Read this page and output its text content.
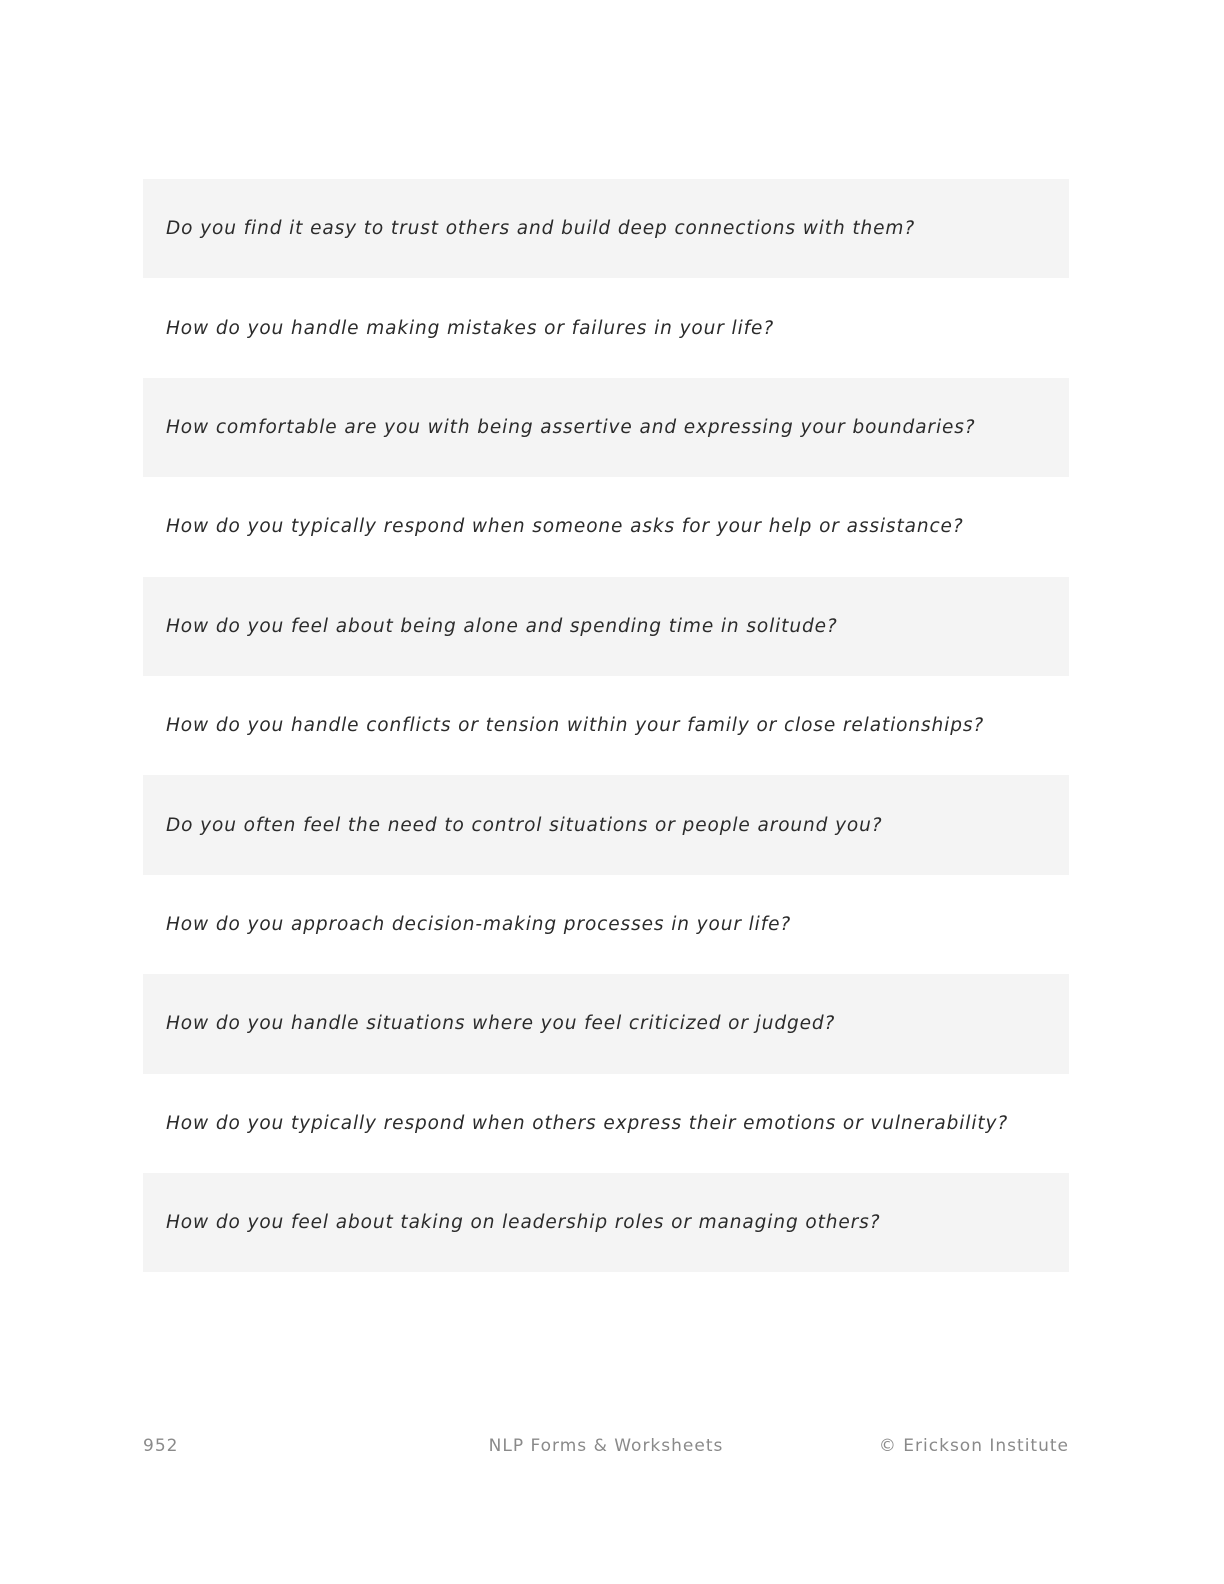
Do you find it easy to trust others and build deep connections with them?
How do you handle making mistakes or failures in your life?
How comfortable are you with being assertive and expressing your boundaries?
How do you typically respond when someone asks for your help or assistance?
How do you feel about being alone and spending time in solitude?
How do you handle conflicts or tension within your family or close relationships?
Do you often feel the need to control situations or people around you?
How do you approach decision-making processes in your life?
How do you handle situations where you feel criticized or judged?
How do you typically respond when others express their emotions or vulnerability?
How do you feel about taking on leadership roles or managing others?
952	NLP Forms & Worksheets	© Erickson Institute
